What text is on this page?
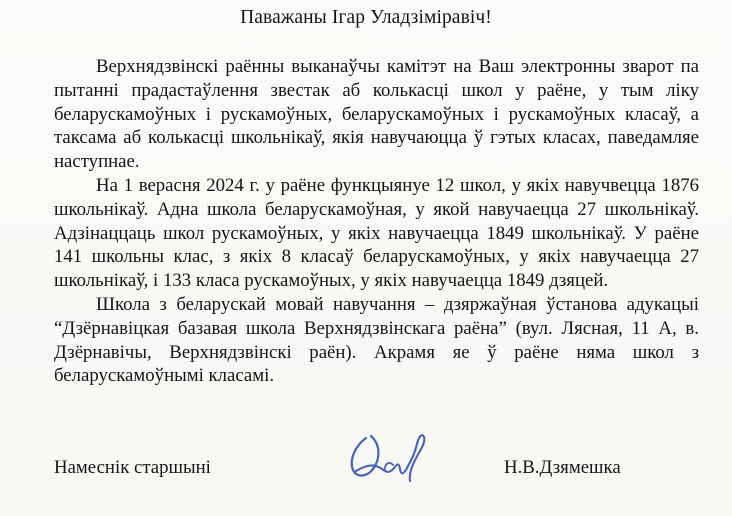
Паважаны Ігар Уладзіміравіч!

Верхнядзвінскі раённы выканаўчы камітэт на Ваш электронны зварот па пытанні прадастаўлення звестак аб колькасці школ у раёне, у тым ліку беларускамоўных і рускамоўных, беларускамоўных і рускамоўных класаў, а таксама аб колькасці школьнікаў, якія навучаюцца ў гэтых класах, паведамляе наступнае.

На 1 верасня 2024 г. у раёне функцыянуе 12 школ, у якіх навучвецца 1876 школьнікаў. Адна школа беларускамоўная, у якой навучаецца 27 школьнікаў. Адзінаццаць школ рускамоўных, у якіх навучаецца 1849 школьнікаў. У раёне 141 школьны клас, з якіх 8 класаў беларускамоўных, у якіх навучаецца 27 школьнікаў, і 133 класа рускамоўных, у якіх навучаецца 1849 дзяцей.

Школа з беларускай мовай навучання – дзяржаўная ўстанова адукацыі “Дзёрнавіцкая базавая школа Верхнядзвінскага раёна” (вул. Лясная, 11 А, в. Дзёрнавічы, Верхнядзвінскі раён). Акрамя яе ў раёне няма школ з беларускамоўнымі класамі.

Намеснік старшыні	Н.В.Дзямешка
